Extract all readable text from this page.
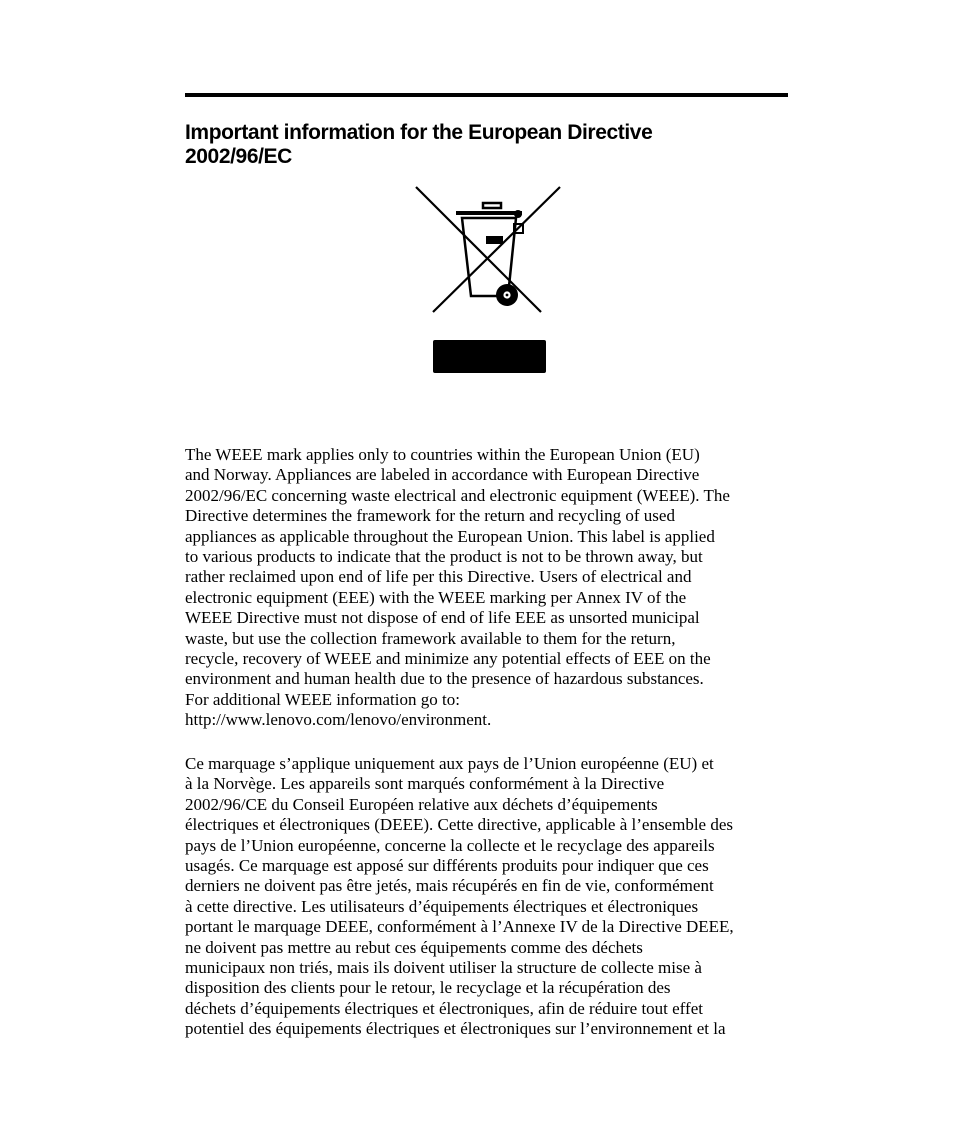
Important information for the European Directive
2002/96/EC
The WEEE mark applies only to countries within the European Union (EU)
and Norway. Appliances are labeled in accordance with European Directive
2002/96/EC concerning waste electrical and electronic equipment (WEEE). The
Directive determines the framework for the return and recycling of used
appliances as applicable throughout the European Union. This label is applied
to various products to indicate that the product is not to be thrown away, but
rather reclaimed upon end of life per this Directive. Users of electrical and
electronic equipment (EEE) with the WEEE marking per Annex IV of the
WEEE Directive must not dispose of end of life EEE as unsorted municipal
waste, but use the collection framework available to them for the return,
recycle, recovery of WEEE and minimize any potential effects of EEE on the
environment and human health due to the presence of hazardous substances.
For additional WEEE information go to:
http://www.lenovo.com/lenovo/environment.
Ce marquage s’applique uniquement aux pays de l’Union européenne (EU) et
à la Norvège. Les appareils sont marqués conformément à la Directive
2002/96/CE du Conseil Européen relative aux déchets d’équipements
électriques et électroniques (DEEE). Cette directive, applicable à l’ensemble des
pays de l’Union européenne, concerne la collecte et le recyclage des appareils
usagés. Ce marquage est apposé sur différents produits pour indiquer que ces
derniers ne doivent pas être jetés, mais récupérés en fin de vie, conformément
à cette directive. Les utilisateurs d’équipements électriques et électroniques
portant le marquage DEEE, conformément à l’Annexe IV de la Directive DEEE,
ne doivent pas mettre au rebut ces équipements comme des déchets
municipaux non triés, mais ils doivent utiliser la structure de collecte mise à
disposition des clients pour le retour, le recyclage et la récupération des
déchets d’équipements électriques et électroniques, afin de réduire tout effet
potentiel des équipements électriques et électroniques sur l’environnement et la
